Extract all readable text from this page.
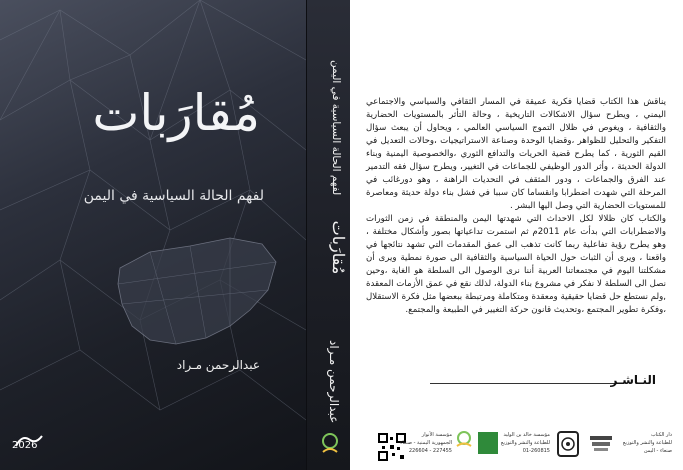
مُقارَبات
لفهم الحالة السياسية في اليمن
عبدالرحمن مـراد
2026
مُقارَبات     لفهم الحالة السياسية في اليمن
عبدالرحمن مـراد

يناقش هذا الكتاب قضايا فكرية عميقة في المسار الثقافي والسياسي والاجتماعي اليمني ، ويطرح سؤال الاشكالات التاريخية ، وحالة التأثر بالمستويات الحضارية والثقافية ، ويغوص في ظلال التموج السياسي العالمي ، ويحاول أن يبعث سؤال التفكير والتحليل للظواهر ،وقضايا الوحدة وصناعة الاستراتيجيات ،وحالات التعديل في القيم الثورية ، كما يطرح قضية الحريات والتدافع الثوري ،والخصوصية اليمنية وبناء الدولة الحديثة ، وأثر الدور الوظيفي للجماعات في التغيير، ويطرح سؤال فقه التدمير عند الفرق والجماعات ، ودور المثقف في التحديات الراهنة ، وهو دورغائب في المرحلة التي شهدت اضطرابا وانقساما كان سببا في فشل بناء دولة حديثة ومعاصرة للمستويات الحضارية التي وصل اليها البشر .

والكتاب كان ظلالا لكل الاحداث التي شهدتها اليمن والمنطقة في زمن الثورات والاضطرابات التي بدأت عام 2011م ثم استمرت تداعياتها بصور وأشكال مختلفة ، وهو يطرح رؤية تفاعلية ربما كانت تذهب الى عمق المقدمات التي تشهد نتائجها في واقعنا ، ويرى أن الثبات حول الحياة السياسية والثقافية الى صورة نمطية ويرى أن مشكلتنا اليوم في مجتمعاتنا العربية أننا نرى الوصول الى السلطة هو الغاية ،وحين نصل الى السلطة لا نفكر في مشروع بناء الدولة، لذلك نقع في عمق الأزمات المعقدة ,ولم نستطع حل قضايا حقيقية ومعقدة ومتكاملة ومرتبطة ببعضها مثل فكرة الاستقلال ،وفكرة تطوير المجتمع ،وتحديث قانون حركة التغيير في الطبيعة والمجتمع.

النـاشـر
مؤسسة الأنوار
الجمهورية اليمنية - صنعاء
227455 - 226604
مؤسسة خالد بن الوليد
للطباعة والنشر والتوزيع
01-260815
دار الكتاب
للطباعة والنشر والتوزيع
صنعاء - اليمن
